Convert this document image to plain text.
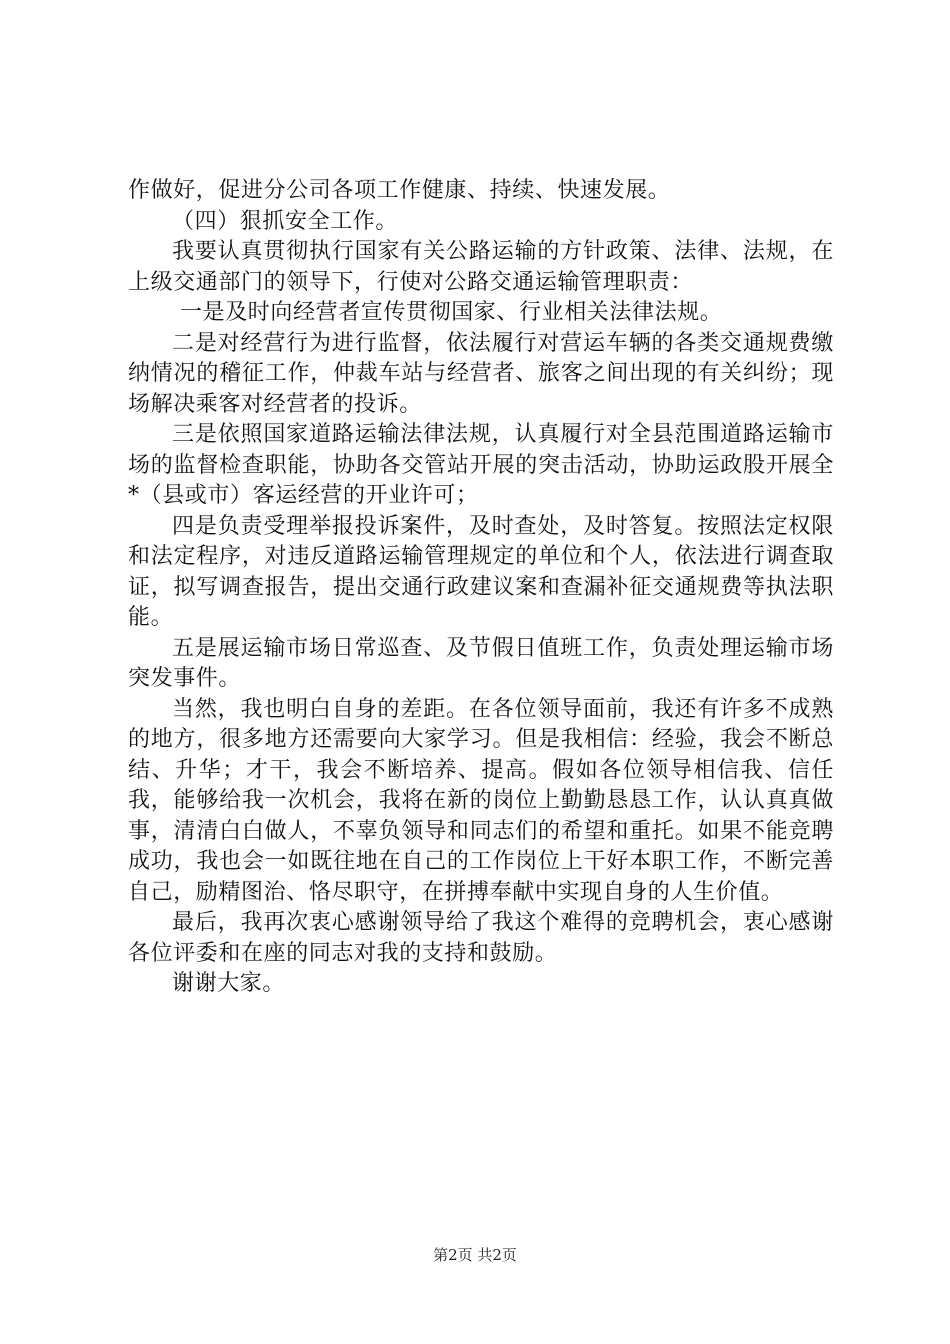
作做好，促进分公司各项工作健康、持续、快速发展。

（四）狠抓安全工作。

我要认真贯彻执行国家有关公路运输的方针政策、法律、法规，在上级交通部门的领导下，行使对公路交通运输管理职责：

一是及时向经营者宣传贯彻国家、行业相关法律法规。

二是对经营行为进行监督，依法履行对营运车辆的各类交通规费缴纳情况的稽征工作，仲裁车站与经营者、旅客之间出现的有关纠纷；现场解决乘客对经营者的投诉。

三是依照国家道路运输法律法规，认真履行对全县范围道路运输市场的监督检查职能，协助各交管站开展的突击活动，协助运政股开展全*（县或市）客运经营的开业许可；

四是负责受理举报投诉案件，及时查处，及时答复。按照法定权限和法定程序，对违反道路运输管理规定的单位和个人，依法进行调查取证，拟写调查报告，提出交通行政建议案和查漏补征交通规费等执法职能。

五是展运输市场日常巡查、及节假日值班工作，负责处理运输市场突发事件。

当然，我也明白自身的差距。在各位领导面前，我还有许多不成熟的地方，很多地方还需要向大家学习。但是我相信：经验，我会不断总结、升华；才干，我会不断培养、提高。假如各位领导相信我、信任我，能够给我一次机会，我将在新的岗位上勤勤恳恳工作，认认真真做事，清清白白做人，不辜负领导和同志们的希望和重托。如果不能竞聘成功，我也会一如既往地在自己的工作岗位上干好本职工作，不断完善自己，励精图治、恪尽职守，在拼搏奉献中实现自身的人生价值。

最后，我再次衷心感谢领导给了我这个难得的竞聘机会，衷心感谢各位评委和在座的同志对我的支持和鼓励。

谢谢大家。

第2页 共2页
